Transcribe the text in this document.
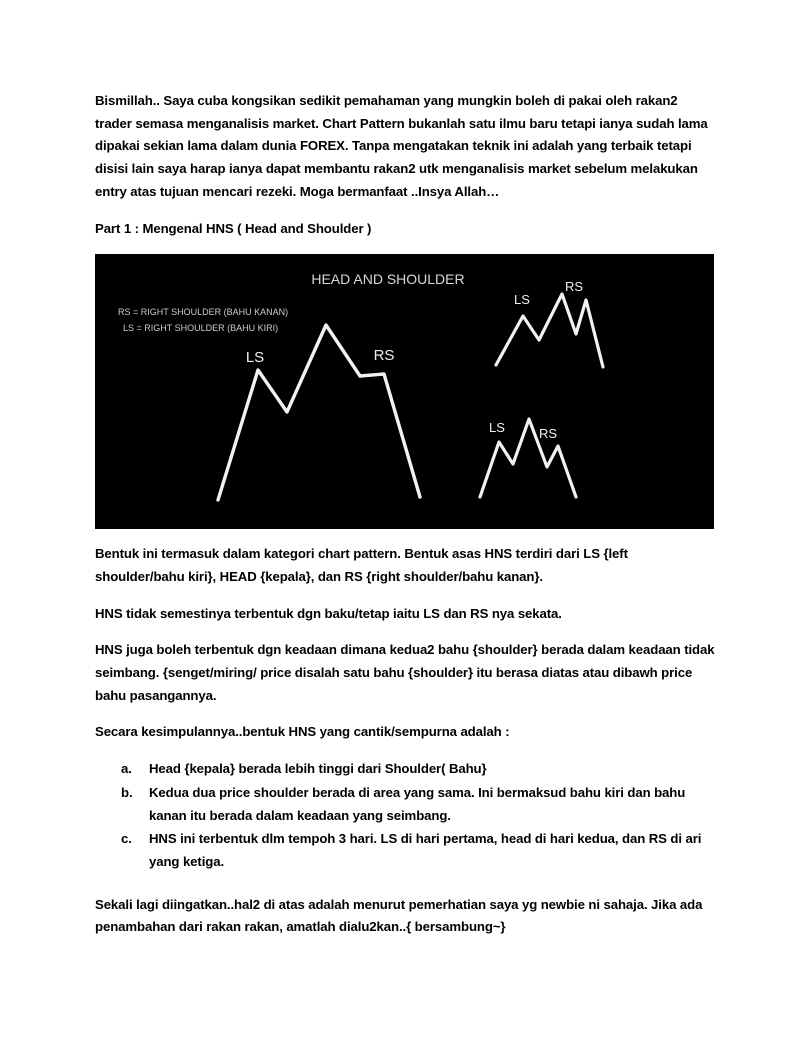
Bismillah.. Saya cuba kongsikan sedikit pemahaman yang mungkin boleh di pakai oleh rakan2 trader semasa menganalisis market. Chart Pattern bukanlah satu ilmu baru tetapi ianya sudah lama dipakai sekian lama dalam dunia FOREX. Tanpa mengatakan teknik ini adalah yang terbaik tetapi disisi lain saya harap ianya dapat membantu rakan2 utk menganalisis market sebelum melakukan entry atas tujuan mencari rezeki. Moga bermanfaat ..Insya Allah…

Part 1 : Mengenal HNS ( Head and Shoulder )

HEAD AND SHOULDER
RS = RIGHT SHOULDER (BAHU KANAN)
LS = RIGHT SHOULDER (BAHU KIRI)
LS	RS
LS
RS
LS	RS

Bentuk ini termasuk dalam kategori chart pattern. Bentuk asas HNS terdiri dari LS {left shoulder/bahu kiri}, HEAD {kepala}, dan RS {right shoulder/bahu kanan}.

HNS tidak semestinya terbentuk dgn baku/tetap iaitu LS dan RS nya sekata.

HNS juga boleh terbentuk dgn keadaan dimana kedua2 bahu {shoulder} berada dalam keadaan tidak seimbang. {senget/miring/ price disalah satu bahu {shoulder} itu berasa diatas atau dibawh price bahu pasangannya.

Secara kesimpulannya..bentuk HNS yang cantik/sempurna adalah :

Head {kepala} berada lebih tinggi dari Shoulder( Bahu}
Kedua dua price shoulder berada di area yang sama. Ini bermaksud bahu kiri dan bahu kanan itu berada dalam keadaan yang seimbang.
HNS ini terbentuk dlm tempoh 3 hari. LS di hari pertama, head di hari kedua, dan RS di ari yang ketiga.

Sekali lagi diingatkan..hal2 di atas adalah menurut pemerhatian saya yg newbie ni sahaja. Jika ada penambahan dari rakan rakan, amatlah dialu2kan..{ bersambung~}
